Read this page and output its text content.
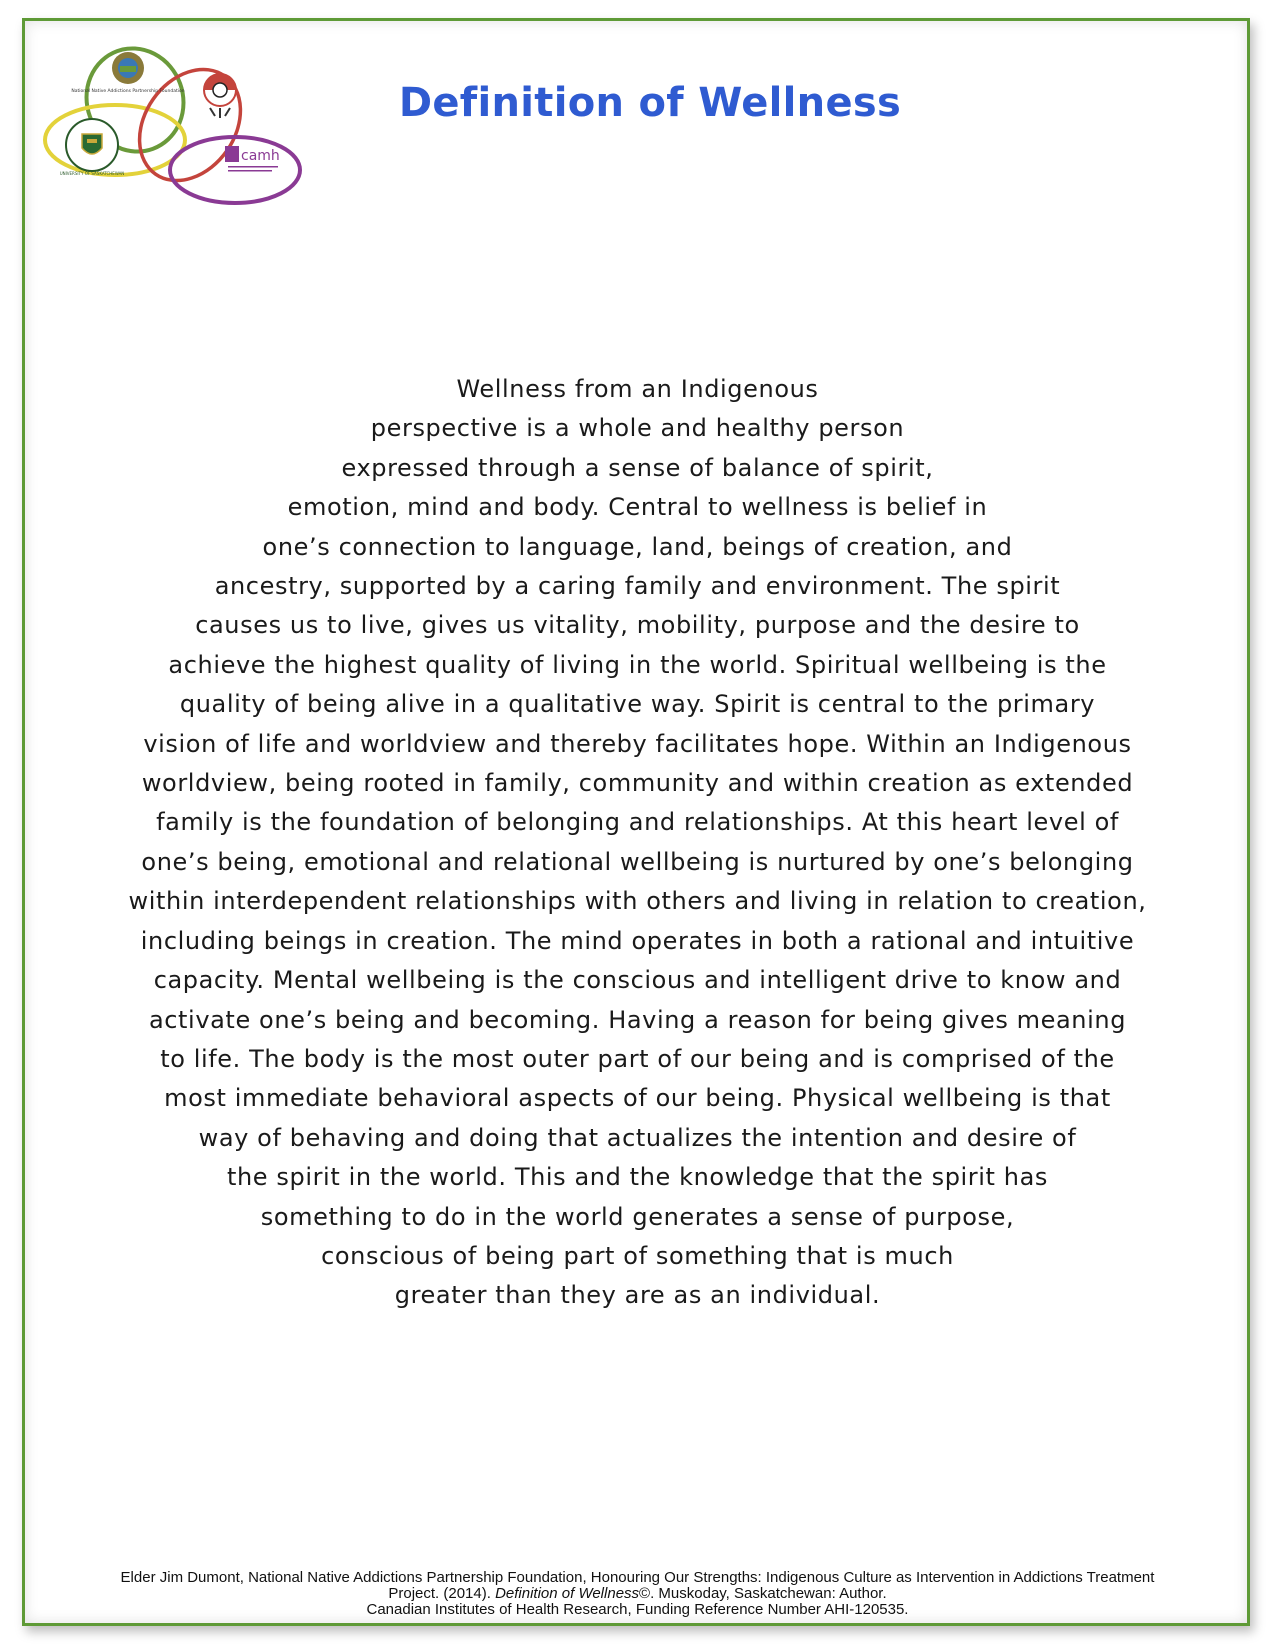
National Native Addictions Partnership Foundation
UNIVERSITY OF SASKATCHEWAN
camh
Definition of Wellness
Wellness from an Indigenous
perspective is a whole and healthy person
expressed through a sense of balance of spirit,
emotion, mind and body. Central to wellness is belief in
one’s connection to language, land, beings of creation, and
ancestry, supported by a caring family and environment. The spirit
causes us to live, gives us vitality, mobility, purpose and the desire to
achieve the highest quality of living in the world. Spiritual wellbeing is the
quality of being alive in a qualitative way. Spirit is central to the primary
vision of life and worldview and thereby facilitates hope. Within an Indigenous
worldview, being rooted in family, community and within creation as extended
family is the foundation of belonging and relationships. At this heart level of
one’s being, emotional and relational wellbeing is nurtured by one’s belonging
within interdependent relationships with others and living in relation to creation,
including beings in creation. The mind operates in both a rational and intuitive
capacity. Mental wellbeing is the conscious and intelligent drive to know and
activate one’s being and becoming. Having a reason for being gives meaning
to life. The body is the most outer part of our being and is comprised of the
most immediate behavioral aspects of our being. Physical wellbeing is that
way of behaving and doing that actualizes the intention and desire of
the spirit in the world. This and the knowledge that the spirit has
something to do in the world generates a sense of purpose,
conscious of being part of something that is much
greater than they are as an individual.
Elder Jim Dumont, National Native Addictions Partnership Foundation, Honouring Our Strengths: Indigenous Culture as Intervention in Addictions Treatment
Project. (2014). Definition of Wellness©. Muskoday, Saskatchewan: Author.
Canadian Institutes of Health Research, Funding Reference Number AHI-120535.
